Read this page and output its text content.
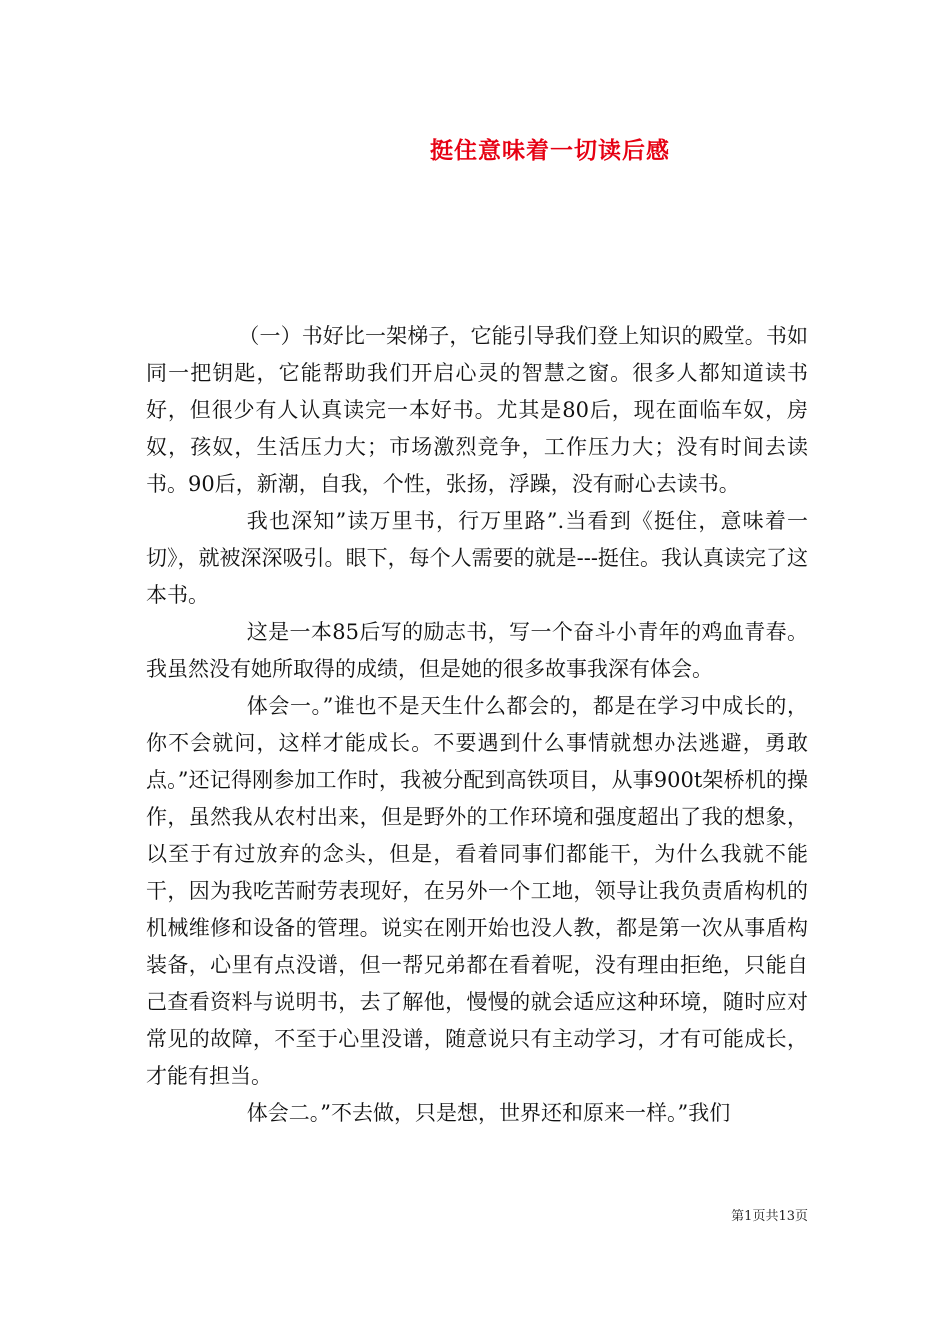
挺住意味着一切读后感

（一）书好比一架梯子，它能引导我们登上知识的殿堂。书如同一把钥匙，它能帮助我们开启心灵的智慧之窗。很多人都知道读书好，但很少有人认真读完一本好书。尤其是80后，现在面临车奴，房奴，孩奴，生活压力大；市场激烈竞争，工作压力大；没有时间去读书。90后，新潮，自我，个性，张扬，浮躁，没有耐心去读书。

我也深知”读万里书，行万里路”.当看到《挺住，意味着一切》，就被深深吸引。眼下，每个人需要的就是---挺住。我认真读完了这本书。

这是一本85后写的励志书，写一个奋斗小青年的鸡血青春。我虽然没有她所取得的成绩，但是她的很多故事我深有体会。

体会一。”谁也不是天生什么都会的，都是在学习中成长的，你不会就问，这样才能成长。不要遇到什么事情就想办法逃避，勇敢点。”还记得刚参加工作时，我被分配到高铁项目，从事900t架桥机的操作，虽然我从农村出来，但是野外的工作环境和强度超出了我的想象，以至于有过放弃的念头，但是，看着同事们都能干，为什么我就不能干，因为我吃苦耐劳表现好，在另外一个工地，领导让我负责盾构机的机械维修和设备的管理。说实在刚开始也没人教，都是第一次从事盾构装备，心里有点没谱，但一帮兄弟都在看着呢，没有理由拒绝，只能自己查看资料与说明书，去了解他，慢慢的就会适应这种环境，随时应对常见的故障，不至于心里没谱，随意说只有主动学习，才有可能成长，才能有担当。

体会二。”不去做，只是想，世界还和原来一样。”我们

第1页共13页
